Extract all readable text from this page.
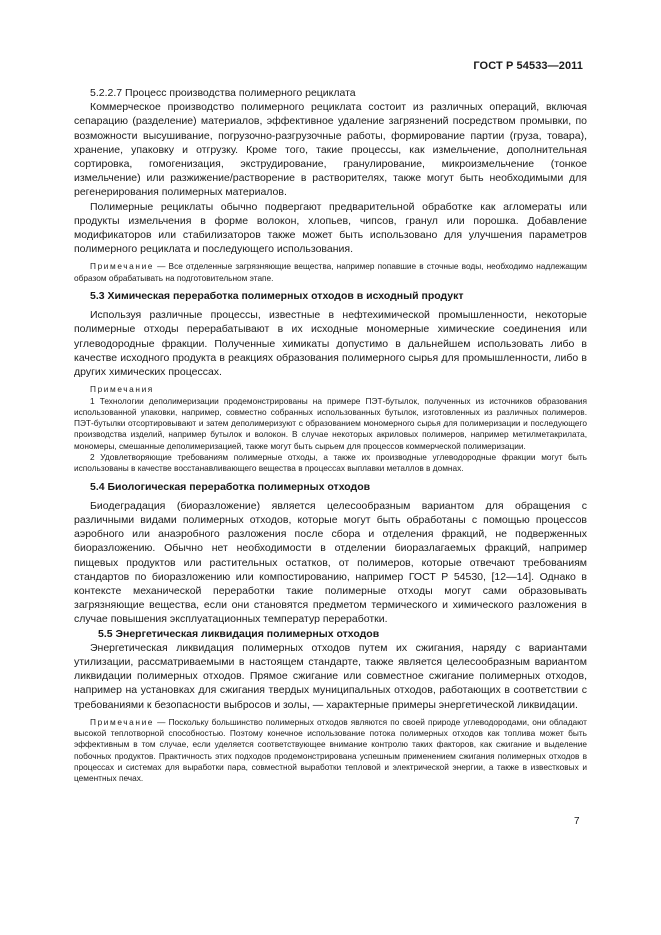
ГОСТ Р 54533—2011

5.2.2.7 Процесс производства полимерного рециклата

Коммерческое производство полимерного рециклата состоит из различных операций, включая сепарацию (разделение) материалов, эффективное удаление загрязнений посредством промывки, по возможности высушивание, погрузочно-разгрузочные работы, формирование партии (груза, товара), хранение, упаковку и отгрузку. Кроме того, такие процессы, как измельчение, дополнительная сортировка, гомогенизация, экструдирование, гранулирование, микроизмельчение (тонкое измельчение) или разжижение/растворение в растворителях, также могут быть необходимыми для регенерирования полимерных материалов.

Полимерные рециклаты обычно подвергают предварительной обработке как агломераты или продукты измельчения в форме волокон, хлопьев, чипсов, гранул или порошка. Добавление модификаторов или стабилизаторов также может быть использовано для улучшения параметров полимерного рециклата и последующего использования.

Примечание — Все отделенные загрязняющие вещества, например попавшие в сточные воды, необходимо надлежащим образом обрабатывать на подготовительном этапе.

5.3 Химическая переработка полимерных отходов в исходный продукт

Используя различные процессы, известные в нефтехимической промышленности, некоторые полимерные отходы перерабатывают в их исходные мономерные химические соединения или углеводородные фракции. Полученные химикаты допустимо в дальнейшем использовать либо в качестве исходного продукта в реакциях образования полимерного сырья для промышленности, либо в других химических процессах.

Примечания

1 Технологии деполимеризации продемонстрированы на примере ПЭТ-бутылок, полученных из источников образования использованной упаковки, например, совместно собранных использованных бутылок, изготовленных из различных полимеров. ПЭТ-бутылки отсортировывают и затем деполимеризуют с образованием мономерного сырья для полимеризации и последующего производства изделий, например бутылок и волокон. В случае некоторых акриловых полимеров, например метилметакрилата, мономеры, смешанные деполимеризацией, также могут быть сырьем для процессов коммерческой полимеризации.

2 Удовлетворяющие требованиям полимерные отходы, а также их производные углеводородные фракции могут быть использованы в качестве восстанавливающего вещества в процессах выплавки металлов в домнах.

5.4 Биологическая переработка полимерных отходов

Биодеградация (биоразложение) является целесообразным вариантом для обращения с различными видами полимерных отходов, которые могут быть обработаны с помощью процессов аэробного или анаэробного разложения после сбора и отделения фракций, не подверженных биоразложению. Обычно нет необходимости в отделении биоразлагаемых фракций, например пищевых продуктов или растительных остатков, от полимеров, которые отвечают требованиям стандартов по биоразложению или компостированию, например ГОСТ Р 54530, [12—14]. Однако в контексте механической переработки такие полимерные отходы могут сами образовывать загрязняющие вещества, если они становятся предметом термического и химического разложения в случае повышения эксплуатационных температур переработки.

5.5 Энергетическая ликвидация полимерных отходов

Энергетическая ликвидация полимерных отходов путем их сжигания, наряду с вариантами утилизации, рассматриваемыми в настоящем стандарте, также является целесообразным вариантом ликвидации полимерных отходов. Прямое сжигание или совместное сжигание полимерных отходов, например на установках для сжигания твердых муниципальных отходов, работающих в соответствии с требованиями к безопасности выбросов и золы, — характерные примеры энергетической ликвидации.

Примечание — Поскольку большинство полимерных отходов являются по своей природе углеводородами, они обладают высокой теплотворной способностью. Поэтому конечное использование потока полимерных отходов как топлива может быть эффективным в том случае, если уделяется соответствующее внимание контролю таких факторов, как сжигание и выделение побочных продуктов. Практичность этих подходов продемонстрирована успешным применением сжигания полимерных отходов в процессах и системах для выработки пара, совместной выработки тепловой и электрической энергии, а также в известковых и цементных печах.

7
